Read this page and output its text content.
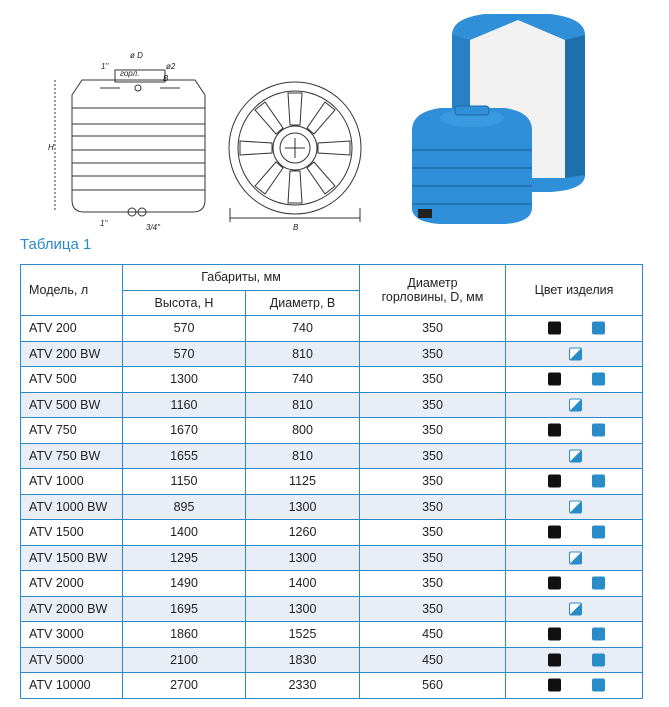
ø D
1"
горл.
ø2
B
H
1"	3/4"	B
Таблица 1
Модель, л	Габариты, мм		Диаметр горловины, D, мм	Цвет изделия
	Высота, H	Диаметр, B		
ATV 200	570	740	350	

ATV 200 BW	570	810	350	

ATV 500	1300	740	350	

ATV 500 BW	1160	810	350	

ATV 750	1670	800	350	

ATV 750 BW	1655	810	350	

ATV 1000	1150	1125	350	

ATV 1000 BW	895	1300	350	

ATV 1500	1400	1260	350	

ATV 1500 BW	1295	1300	350	

ATV 2000	1490	1400	350	

ATV 2000 BW	1695	1300	350	

ATV 3000	1860	1525	450	

ATV 5000	2100	1830	450	

ATV 10000	2700	2330	560	
